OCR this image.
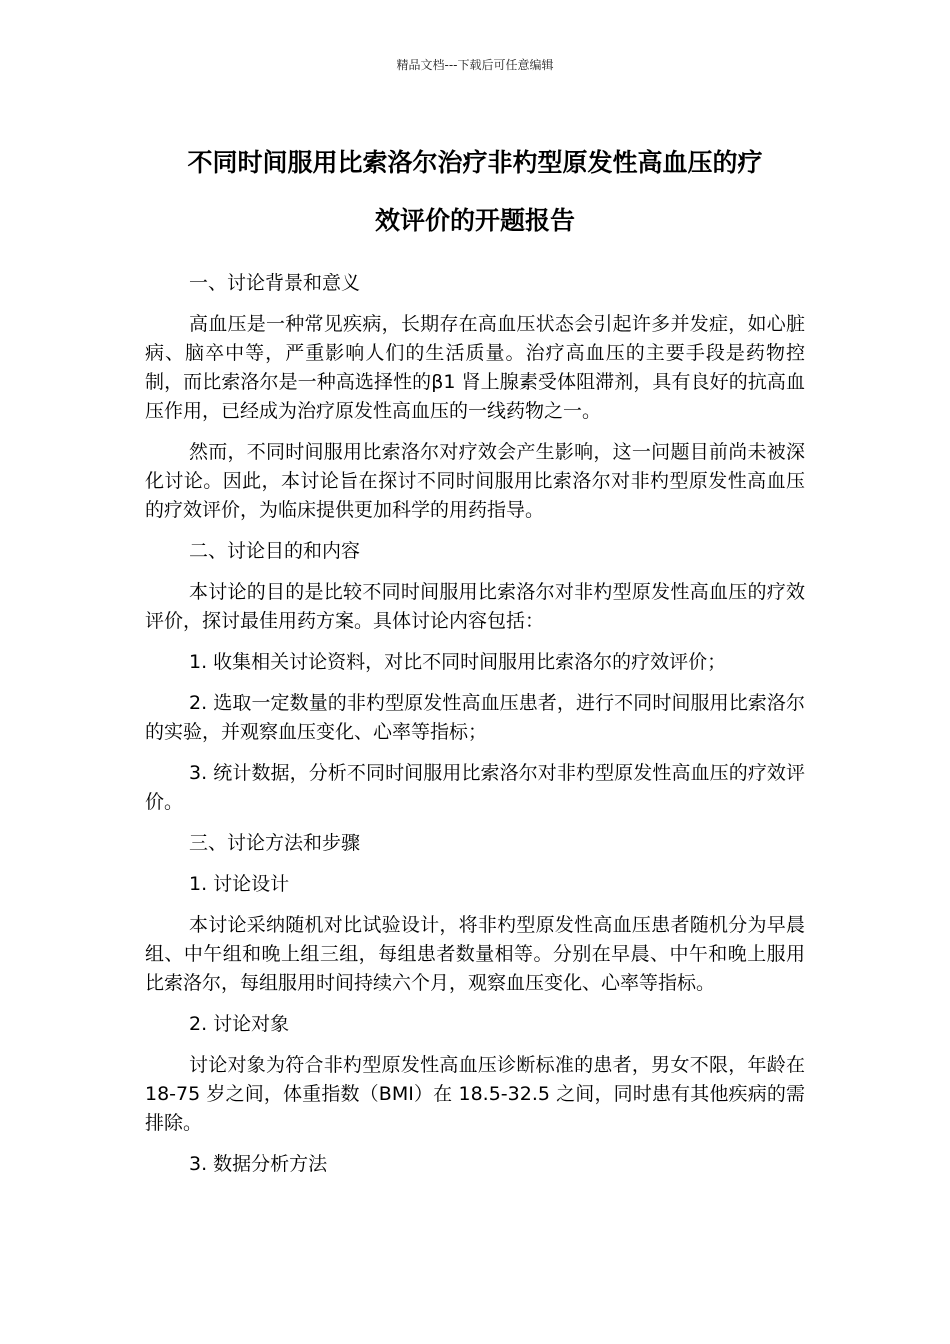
精品文档---下载后可任意编辑
不同时间服用比索洛尔治疗非杓型原发性高血压的疗
效评价的开题报告

一、讨论背景和意义

高血压是一种常见疾病，长期存在高血压状态会引起许多并发症，如心脏病、脑卒中等，严重影响人们的生活质量。治疗高血压的主要手段是药物控制，而比索洛尔是一种高选择性的β1 肾上腺素受体阻滞剂，具有良好的抗高血压作用，已经成为治疗原发性高血压的一线药物之一。

然而，不同时间服用比索洛尔对疗效会产生影响，这一问题目前尚未被深化讨论。因此，本讨论旨在探讨不同时间服用比索洛尔对非杓型原发性高血压的疗效评价，为临床提供更加科学的用药指导。

二、讨论目的和内容

本讨论的目的是比较不同时间服用比索洛尔对非杓型原发性高血压的疗效评价，探讨最佳用药方案。具体讨论内容包括：

1. 收集相关讨论资料，对比不同时间服用比索洛尔的疗效评价；

2. 选取一定数量的非杓型原发性高血压患者，进行不同时间服用比索洛尔的实验，并观察血压变化、心率等指标；

3. 统计数据，分析不同时间服用比索洛尔对非杓型原发性高血压的疗效评价。

三、讨论方法和步骤

1. 讨论设计

本讨论采纳随机对比试验设计，将非杓型原发性高血压患者随机分为早晨组、中午组和晚上组三组，每组患者数量相等。分别在早晨、中午和晚上服用比索洛尔，每组服用时间持续六个月，观察血压变化、心率等指标。

2. 讨论对象

讨论对象为符合非杓型原发性高血压诊断标准的患者，男女不限，年龄在 18-75 岁之间，体重指数（BMI）在 18.5-32.5 之间，同时患有其他疾病的需排除。

3. 数据分析方法
